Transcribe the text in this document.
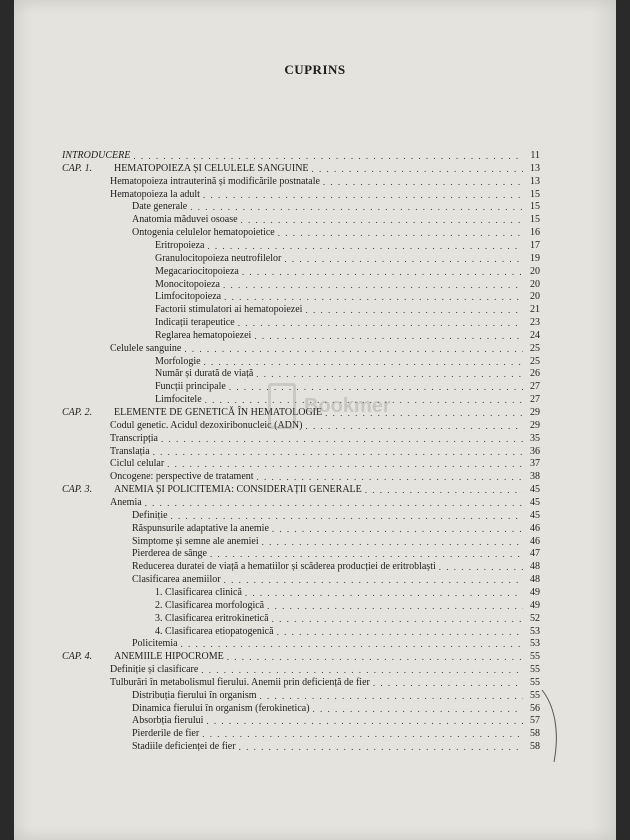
CUPRINS
INTRODUCERE . . .	11
CAP. 1.	HEMATOPOIEZA ȘI CELULELE SANGUINE . . .	13
Hematopoieza intrauterină și modificările postnatale . . .	13
Hematopoieza la adult . . .	15
Date generale . . .	15
Anatomia măduvei osoase . . .	15
Ontogenia celulelor hematopoietice . . .	16
Eritropoieza . . .	17
Granulocitopoieza neutrofilelor . . .	19
Megacariocitopoieza . . .	20
Monocitopoieza . . .	20
Limfocitopoieza . . .	20
Factorii stimulatori ai hematopoiezei . . .	21
Indicații terapeutice . . .	23
Reglarea hematopoiezei . . .	24
Celulele sanguine . . .	25
Morfologie . . .	25
Număr și durată de viață . . .	26
Funcții principale . . .	27
Limfocitele . . .	27
CAP. 2.	ELEMENTE DE GENETICĂ ÎN HEMATOLOGIE . . .	29
Codul genetic. Acidul dezoxiribonucleic (ADN) . . .	29
Transcripția . . .	35
Translația . . .	36
Ciclul celular . . .	37
Oncogene: perspective de tratament . . .	38
CAP. 3.	ANEMIA ȘI POLICITEMIA: CONSIDERAȚII GENERALE . . .	45
Anemia . . .	45
Definiție . . .	45
Răspunsurile adaptative la anemie . . .	46
Simptome și semne ale anemiei . . .	46
Pierderea de sânge . . .	47
Reducerea duratei de viață a hematiilor și scăderea producției de eritroblaști . . .	48
Clasificarea anemiilor . . .	48
1. Clasificarea clinică . . .	49
2. Clasificarea morfologică . . .	49
3. Clasificarea eritrokinetică . . .	52
4. Clasificarea etiopatogenică . . .	53
Policitemia . . .	53
CAP. 4.	ANEMIILE HIPOCROME . . .	55
Definiție și clasificare . . .	55
Tulburări în metabolismul fierului. Anemii prin deficiență de fier . . .	55
Distribuția fierului în organism . . .	55
Dinamica fierului în organism (ferokinetica) . . .	56
Absorbția fierului . . .	57
Pierderile de fier . . .	58
Stadiile deficienței de fier . . .	58
Bookmer
